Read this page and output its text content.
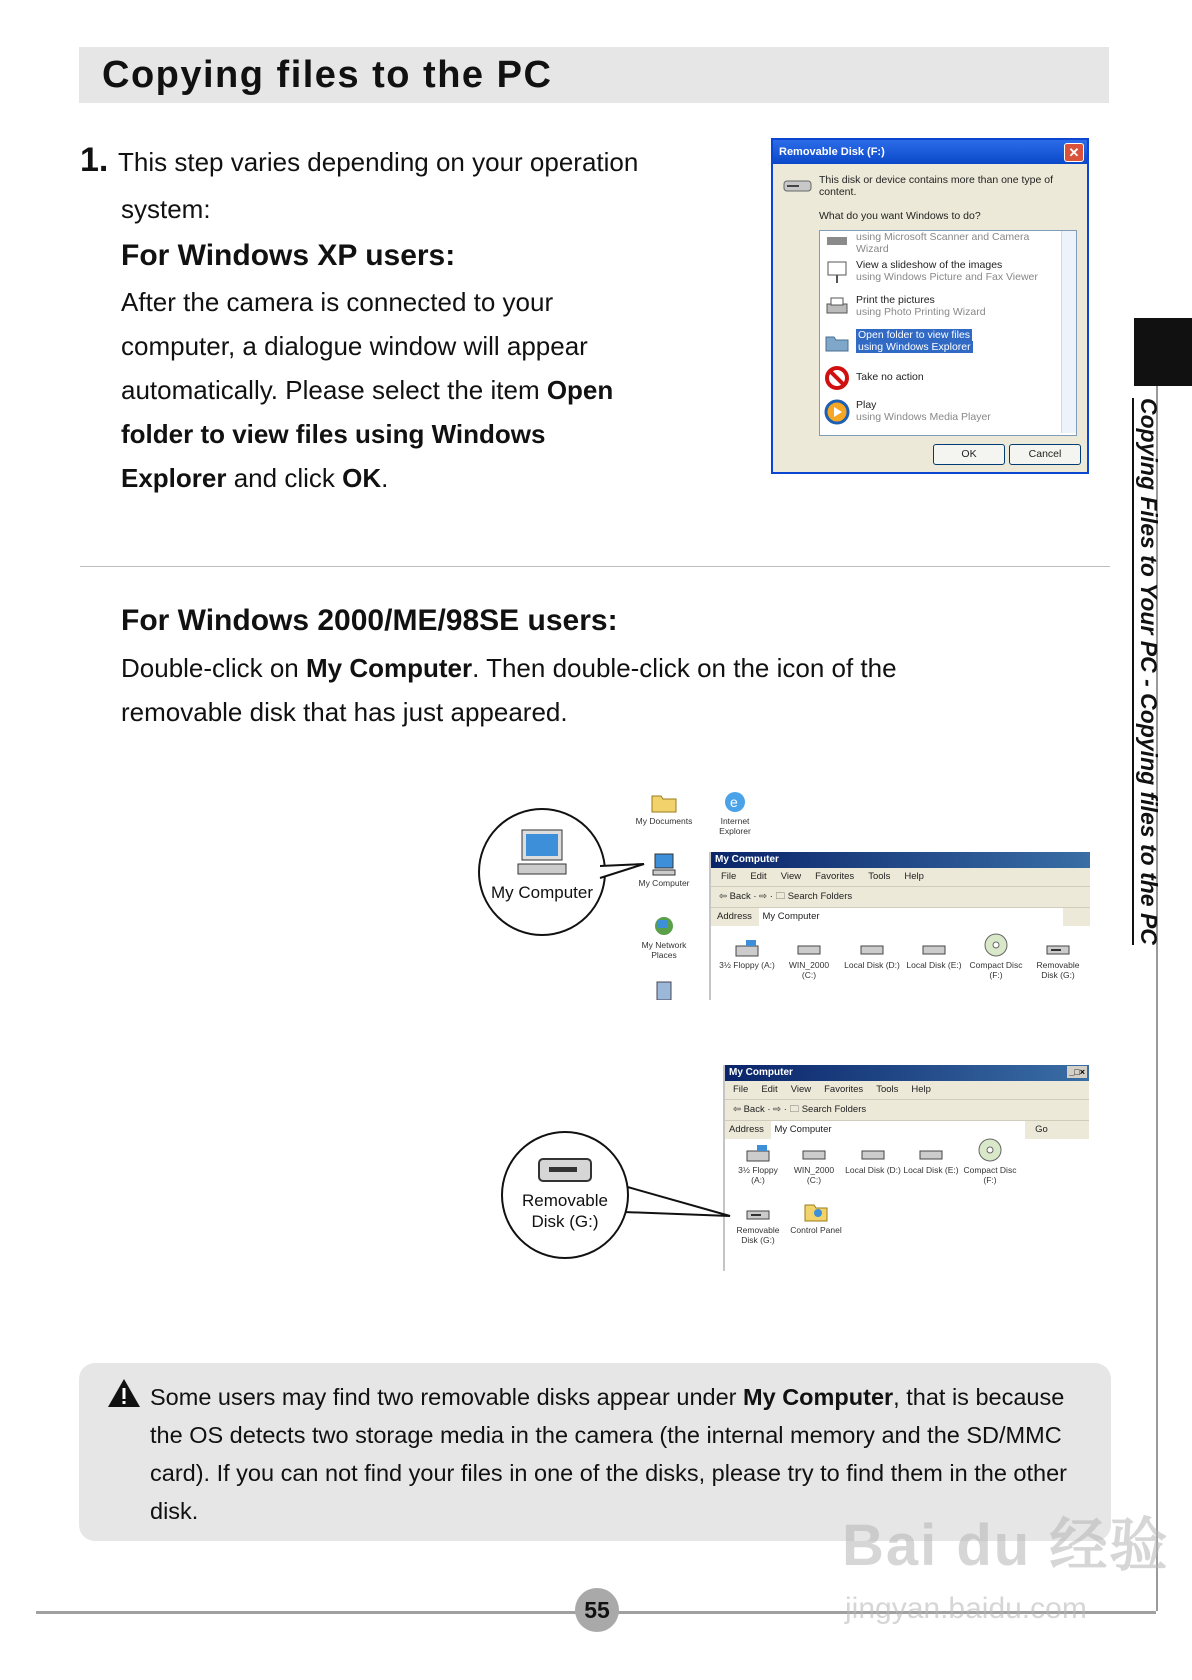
Copying files to the PC
1. This step varies depending on your operation
system:
For Windows XP users:
After the camera is connected to your
computer, a dialogue window will appear
automatically. Please select the item Open
folder to view files using Windows
Explorer and click OK.
Removable Disk (F:)	✕
This disk or device contains more than one type of content.
What do you want Windows to do?
using Microsoft Scanner and Camera Wizard
View a slideshow of the images
using Windows Picture and Fax Viewer
Print the pictures
using Photo Printing Wizard
Open folder to view files
using Windows Explorer
Take no action
Play
using Windows Media Player
OK	Cancel
For Windows 2000/ME/98SE users:
Double-click on My Computer. Then double-click on the icon of the
removable disk that has just appeared.
My Computer
My Documents
e
Internet Explorer
My Computer
My Network Places
My Computer
File Edit View Favorites Tools Help
⇦ Back · ⇨ · 🗀 Search Folders
Address My Computer
3½ Floppy (A:)	WIN_2000 (C:)
Local Disk (D:) Local Disk (E:) Compact Disc (F:)
Removable Disk (G:)
My Computer	_□×
File Edit View Favorites Tools Help
⇦ Back · ⇨ · 🗀 Search Folders
Address My Computer	Go
3½ Floppy (A:)
WIN_2000 (C:)
Local Disk (D:) Local Disk (E:) Compact Disc (F:)
Removable Disk (G:)
Control Panel
Removable
Disk (G:)
Some users may find two removable disks appear under My Computer, that is because the OS detects two storage media in the camera (the internal memory and the SD/MMC card). If you can not find your files in one of the disks, please try to find them in the other disk.
Copying Files to Your PC - Copying files to the PC
55
Bai du 经验
jingyan.baidu.com
